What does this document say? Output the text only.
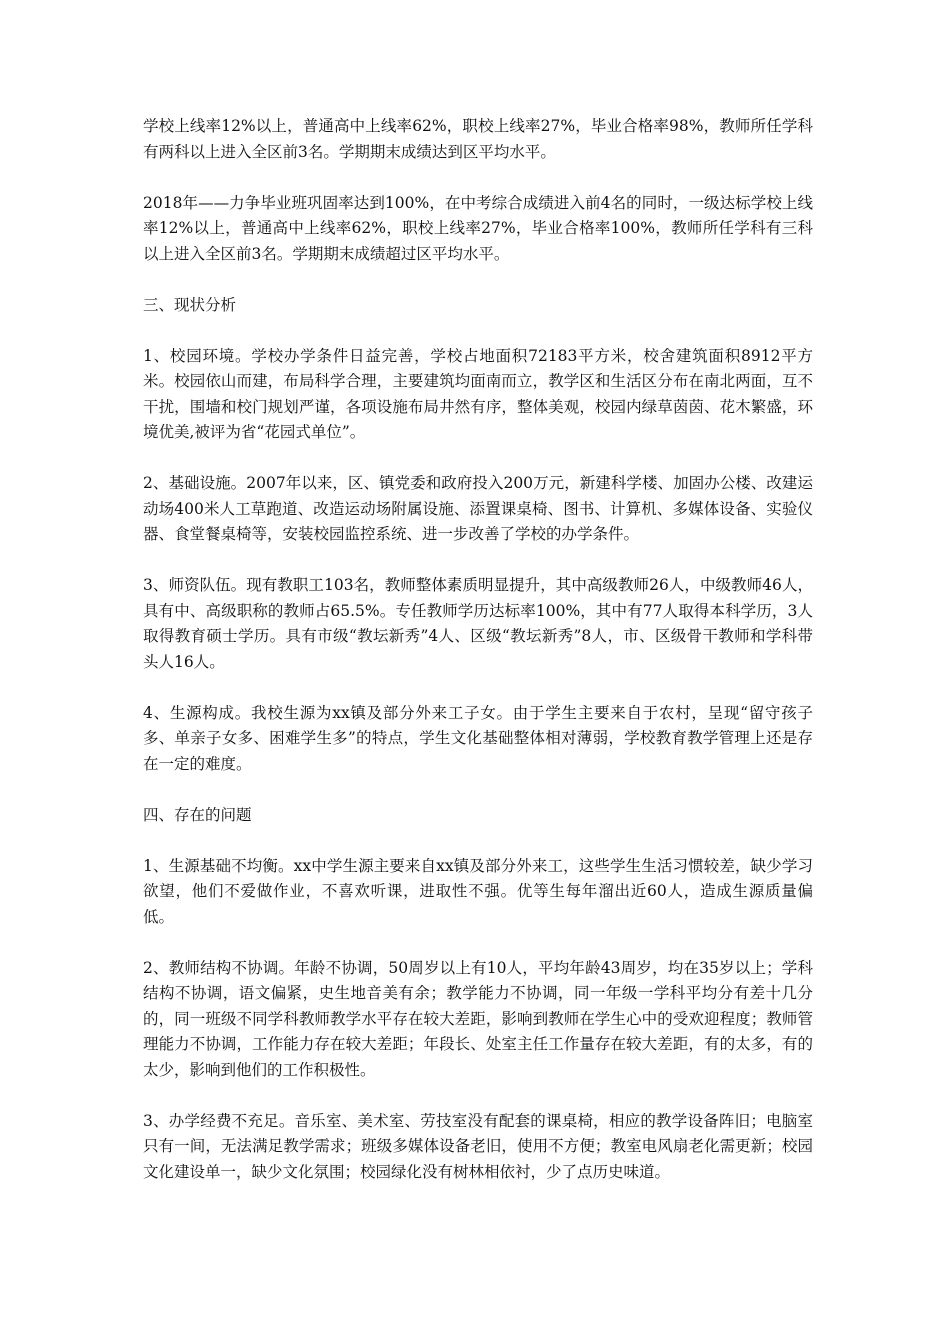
学校上线率12%以上，普通高中上线率62%，职校上线率27%，毕业合格率98%，教师所任学科有两科以上进入全区前3名。学期期末成绩达到区平均水平。

2018年——力争毕业班巩固率达到100%，在中考综合成绩进入前4名的同时，一级达标学校上线率12%以上，普通高中上线率62%，职校上线率27%，毕业合格率100%，教师所任学科有三科以上进入全区前3名。学期期末成绩超过区平均水平。

三、现状分析

1、校园环境。学校办学条件日益完善，学校占地面积72183平方米，校舍建筑面积8912平方米。校园依山而建，布局科学合理，主要建筑均面南而立，教学区和生活区分布在南北两面，互不干扰，围墙和校门规划严谨，各项设施布局井然有序，整体美观，校园内绿草茵茵、花木繁盛，环境优美,被评为省“花园式单位”。

2、基础设施。2007年以来，区、镇党委和政府投入200万元，新建科学楼、加固办公楼、改建运动场400米人工草跑道、改造运动场附属设施、添置课桌椅、图书、计算机、多媒体设备、实验仪器、食堂餐桌椅等，安装校园监控系统、进一步改善了学校的办学条件。

3、师资队伍。现有教职工103名，教师整体素质明显提升，其中高级教师26人，中级教师46人，具有中、高级职称的教师占65.5%。专任教师学历达标率100%，其中有77人取得本科学历，3人取得教育硕士学历。具有市级“教坛新秀”4人、区级“教坛新秀”8人，市、区级骨干教师和学科带头人16人。

4、生源构成。我校生源为xx镇及部分外来工子女。由于学生主要来自于农村，呈现“留守孩子多、单亲子女多、困难学生多”的特点，学生文化基础整体相对薄弱，学校教育教学管理上还是存在一定的难度。

四、存在的问题

1、生源基础不均衡。xx中学生源主要来自xx镇及部分外来工，这些学生生活习惯较差，缺少学习欲望，他们不爱做作业，不喜欢听课，进取性不强。优等生每年溜出近60人，造成生源质量偏低。

2、教师结构不协调。年龄不协调，50周岁以上有10人，平均年龄43周岁，均在35岁以上；学科结构不协调，语文偏紧，史生地音美有余；教学能力不协调，同一年级一学科平均分有差十几分的，同一班级不同学科教师教学水平存在较大差距，影响到教师在学生心中的受欢迎程度；教师管理能力不协调，工作能力存在较大差距；年段长、处室主任工作量存在较大差距，有的太多，有的太少，影响到他们的工作积极性。

3、办学经费不充足。音乐室、美术室、劳技室没有配套的课桌椅，相应的教学设备阵旧；电脑室只有一间，无法满足教学需求；班级多媒体设备老旧，使用不方便；教室电风扇老化需更新；校园文化建设单一，缺少文化氛围；校园绿化没有树林相依衬，少了点历史味道。
